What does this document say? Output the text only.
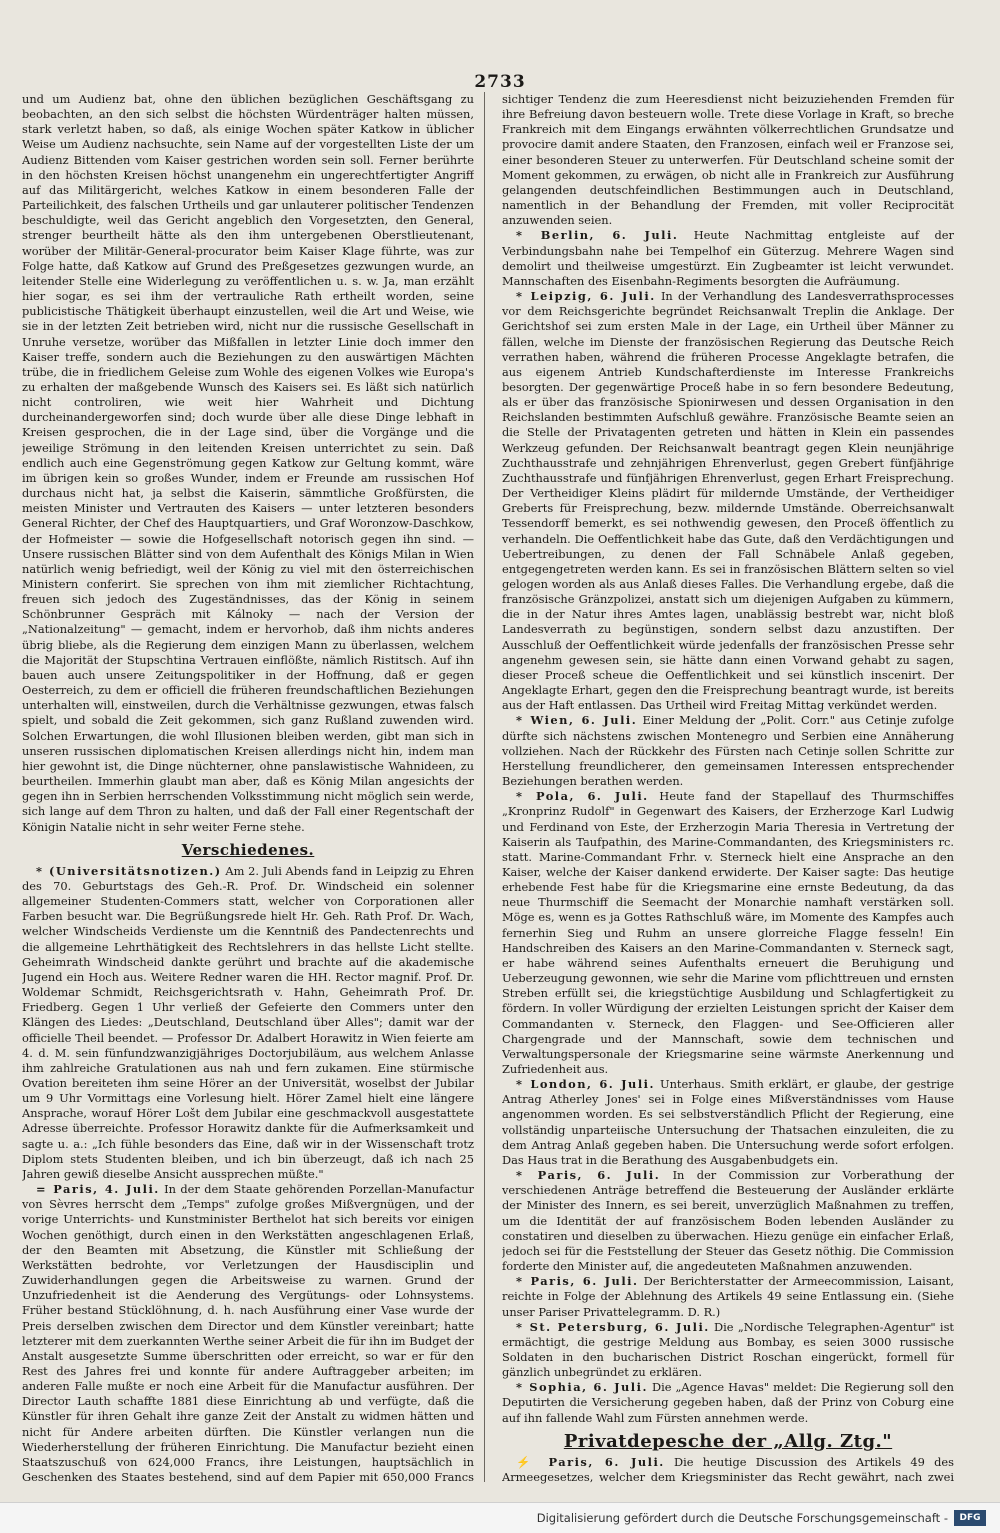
2733

und um Audienz bat, ohne den üblichen bezüglichen Geschäftsgang zu beobachten, an den sich selbst die höchsten Würdenträger halten müssen, stark verletzt haben, so daß, als einige Wochen später Katkow in üblicher Weise um Audienz nachsuchte, sein Name auf der vorgestellten Liste der um Audienz Bittenden vom Kaiser gestrichen worden sein soll. Ferner berührte in den höchsten Kreisen höchst unangenehm ein ungerechtfertigter Angriff auf das Militärgericht, welches Katkow in einem besonderen Falle der Parteilichkeit, des falschen Urtheils und gar unlauterer politischer Tendenzen beschuldigte, weil das Gericht angeblich den Vorgesetzten, den General, strenger beurtheilt hätte als den ihm untergebenen Oberstlieutenant, worüber der Militär-General-procurator beim Kaiser Klage führte, was zur Folge hatte, daß Katkow auf Grund des Preßgesetzes gezwungen wurde, an leitender Stelle eine Widerlegung zu veröffentlichen u. s. w. Ja, man erzählt hier sogar, es sei ihm der vertrauliche Rath ertheilt worden, seine publicistische Thätigkeit überhaupt einzustellen, weil die Art und Weise, wie sie in der letzten Zeit betrieben wird, nicht nur die russische Gesellschaft in Unruhe versetze, worüber das Mißfallen in letzter Linie doch immer den Kaiser treffe, sondern auch die Beziehungen zu den auswärtigen Mächten trübe, die in friedlichem Geleise zum Wohle des eigenen Volkes wie Europa's zu erhalten der maßgebende Wunsch des Kaisers sei. Es läßt sich natürlich nicht controliren, wie weit hier Wahrheit und Dichtung durcheinandergeworfen sind; doch wurde über alle diese Dinge lebhaft in Kreisen gesprochen, die in der Lage sind, über die Vorgänge und die jeweilige Strömung in den leitenden Kreisen unterrichtet zu sein. Daß endlich auch eine Gegenströmung gegen Katkow zur Geltung kommt, wäre im übrigen kein so großes Wunder, indem er Freunde am russischen Hof durchaus nicht hat, ja selbst die Kaiserin, sämmtliche Großfürsten, die meisten Minister und Vertrauten des Kaisers — unter letzteren besonders General Richter, der Chef des Hauptquartiers, und Graf Woronzow-Daschkow, der Hofmeister — sowie die Hofgesellschaft notorisch gegen ihn sind. — Unsere russischen Blätter sind von dem Aufenthalt des Königs Milan in Wien natürlich wenig befriedigt, weil der König zu viel mit den österreichischen Ministern conferirt. Sie sprechen von ihm mit ziemlicher Richtachtung, freuen sich jedoch des Zugeständnisses, das der König in seinem Schönbrunner Gespräch mit Kálnoky — nach der Version der „Nationalzeitung" — gemacht, indem er hervorhob, daß ihm nichts anderes übrig bliebe, als die Regierung dem einzigen Mann zu überlassen, welchem die Majorität der Stupschtina Vertrauen einflößte, nämlich Ristitsch. Auf ihn bauen auch unsere Zeitungspolitiker in der Hoffnung, daß er gegen Oesterreich, zu dem er officiell die früheren freundschaftlichen Beziehungen unterhalten will, einstweilen, durch die Verhältnisse gezwungen, etwas falsch spielt, und sobald die Zeit gekommen, sich ganz Rußland zuwenden wird. Solchen Erwartungen, die wohl Illusionen bleiben werden, gibt man sich in unseren russischen diplomatischen Kreisen allerdings nicht hin, indem man hier gewohnt ist, die Dinge nüchterner, ohne panslawistische Wahnideen, zu beurtheilen. Immerhin glaubt man aber, daß es König Milan angesichts der gegen ihn in Serbien herrschenden Volksstimmung nicht möglich sein werde, sich lange auf dem Thron zu halten, und daß der Fall einer Regentschaft der Königin Natalie nicht in sehr weiter Ferne stehe.

Verschiedenes.

* (Universitätsnotizen.) Am 2. Juli Abends fand in Leipzig zu Ehren des 70. Geburtstags des Geh.-R. Prof. Dr. Windscheid ein solenner allgemeiner Studenten-Commers statt, welcher von Corporationen aller Farben besucht war. Die Begrüßungsrede hielt Hr. Geh. Rath Prof. Dr. Wach, welcher Windscheids Verdienste um die Kenntniß des Pandectenrechts und die allgemeine Lehrthätigkeit des Rechtslehrers in das hellste Licht stellte. Geheimrath Windscheid dankte gerührt und brachte auf die akademische Jugend ein Hoch aus. Weitere Redner waren die HH. Rector magnif. Prof. Dr. Woldemar Schmidt, Reichsgerichtsrath v. Hahn, Geheimrath Prof. Dr. Friedberg. Gegen 1 Uhr verließ der Gefeierte den Commers unter den Klängen des Liedes: „Deutschland, Deutschland über Alles"; damit war der officielle Theil beendet. — Professor Dr. Adalbert Horawitz in Wien feierte am 4. d. M. sein fünfundzwanzigjähriges Doctorjubiläum, aus welchem Anlasse ihm zahlreiche Gratulationen aus nah und fern zukamen. Eine stürmische Ovation bereiteten ihm seine Hörer an der Universität, woselbst der Jubilar um 9 Uhr Vormittags eine Vorlesung hielt. Hörer Zamel hielt eine längere Ansprache, worauf Hörer Lošt dem Jubilar eine geschmackvoll ausgestattete Adresse überreichte. Professor Horawitz dankte für die Aufmerksamkeit und sagte u. a.: „Ich fühle besonders das Eine, daß wir in der Wissenschaft trotz Diplom stets Studenten bleiben, und ich bin überzeugt, daß ich nach 25 Jahren gewiß dieselbe Ansicht aussprechen müßte."

= Paris, 4. Juli. In der dem Staate gehörenden Porzellan-Manufactur von Sèvres herrscht dem „Temps" zufolge großes Mißvergnügen, und der vorige Unterrichts- und Kunstminister Berthelot hat sich bereits vor einigen Wochen genöthigt, durch einen in den Werkstätten angeschlagenen Erlaß, der den Beamten mit Absetzung, die Künstler mit Schließung der Werkstätten bedrohte, vor Verletzungen der Hausdisciplin und Zuwiderhandlungen gegen die Arbeitsweise zu warnen. Grund der Unzufriedenheit ist die Aenderung des Vergütungs- oder Lohnsystems. Früher bestand Stücklöhnung, d. h. nach Ausführung einer Vase wurde der Preis derselben zwischen dem Director und dem Künstler vereinbart; hatte letzterer mit dem zuerkannten Werthe seiner Arbeit die für ihn im Budget der Anstalt ausgesetzte Summe überschritten oder erreicht, so war er für den Rest des Jahres frei und konnte für andere Auftraggeber arbeiten; im anderen Falle mußte er noch eine Arbeit für die Manufactur ausführen. Der Director Lauth schaffte 1881 diese Einrichtung ab und verfügte, daß die Künstler für ihren Gehalt ihre ganze Zeit der Anstalt zu widmen hätten und nicht für Andere arbeiten dürften. Die Künstler verlangen nun die Wiederherstellung der früheren Einrichtung. Die Manufactur bezieht einen Staatszuschuß von 624,000 Francs, ihre Leistungen, hauptsächlich in Geschenken des Staates bestehend, sind auf dem Papier mit 650,000 Francs

sichtiger Tendenz die zum Heeresdienst nicht beizuziehenden Fremden für ihre Befreiung davon besteuern wolle. Trete diese Vorlage in Kraft, so breche Frankreich mit dem Eingangs erwähnten völkerrechtlichen Grundsatze und provocire damit andere Staaten, den Franzosen, einfach weil er Franzose sei, einer besonderen Steuer zu unterwerfen. Für Deutschland scheine somit der Moment gekommen, zu erwägen, ob nicht alle in Frankreich zur Ausführung gelangenden deutschfeindlichen Bestimmungen auch in Deutschland, namentlich in der Behandlung der Fremden, mit voller Reciprocität anzuwenden seien.

* Berlin, 6. Juli. Heute Nachmittag entgleiste auf der Verbindungsbahn nahe bei Tempelhof ein Güterzug. Mehrere Wagen sind demolirt und theilweise umgestürzt. Ein Zugbeamter ist leicht verwundet. Mannschaften des Eisenbahn-Regiments besorgten die Aufräumung.

* Leipzig, 6. Juli. In der Verhandlung des Landesverrathsprocesses vor dem Reichsgerichte begründet Reichsanwalt Treplin die Anklage. Der Gerichtshof sei zum ersten Male in der Lage, ein Urtheil über Männer zu fällen, welche im Dienste der französischen Regierung das Deutsche Reich verrathen haben, während die früheren Processe Angeklagte betrafen, die aus eigenem Antrieb Kundschafterdienste im Interesse Frankreichs besorgten. Der gegenwärtige Proceß habe in so fern besondere Bedeutung, als er über das französische Spionirwesen und dessen Organisation in den Reichslanden bestimmten Aufschluß gewähre. Französische Beamte seien an die Stelle der Privatagenten getreten und hätten in Klein ein passendes Werkzeug gefunden. Der Reichsanwalt beantragt gegen Klein neunjährige Zuchthausstrafe und zehnjährigen Ehrenverlust, gegen Grebert fünfjährige Zuchthausstrafe und fünfjährigen Ehrenverlust, gegen Erhart Freisprechung. Der Vertheidiger Kleins plädirt für mildernde Umstände, der Vertheidiger Greberts für Freisprechung, bezw. mildernde Umstände. Oberreichsanwalt Tessendorff bemerkt, es sei nothwendig gewesen, den Proceß öffentlich zu verhandeln. Die Oeffentlichkeit habe das Gute, daß den Verdächtigungen und Uebertreibungen, zu denen der Fall Schnäbele Anlaß gegeben, entgegengetreten werden kann. Es sei in französischen Blättern selten so viel gelogen worden als aus Anlaß dieses Falles. Die Verhandlung ergebe, daß die französische Gränzpolizei, anstatt sich um diejenigen Aufgaben zu kümmern, die in der Natur ihres Amtes lagen, unablässig bestrebt war, nicht bloß Landesverrath zu begünstigen, sondern selbst dazu anzustiften. Der Ausschluß der Oeffentlichkeit würde jedenfalls der französischen Presse sehr angenehm gewesen sein, sie hätte dann einen Vorwand gehabt zu sagen, dieser Proceß scheue die Oeffentlichkeit und sei künstlich inscenirt. Der Angeklagte Erhart, gegen den die Freisprechung beantragt wurde, ist bereits aus der Haft entlassen. Das Urtheil wird Freitag Mittag verkündet werden.

* Wien, 6. Juli. Einer Meldung der „Polit. Corr." aus Cetinje zufolge dürfte sich nächstens zwischen Montenegro und Serbien eine Annäherung vollziehen. Nach der Rückkehr des Fürsten nach Cetinje sollen Schritte zur Herstellung freundlicherer, den gemeinsamen Interessen entsprechender Beziehungen berathen werden.

* Pola, 6. Juli. Heute fand der Stapellauf des Thurmschiffes „Kronprinz Rudolf" in Gegenwart des Kaisers, der Erzherzoge Karl Ludwig und Ferdinand von Este, der Erzherzogin Maria Theresia in Vertretung der Kaiserin als Taufpathin, des Marine-Commandanten, des Kriegsministers rc. statt. Marine-Commandant Frhr. v. Sterneck hielt eine Ansprache an den Kaiser, welche der Kaiser dankend erwiderte. Der Kaiser sagte: Das heutige erhebende Fest habe für die Kriegsmarine eine ernste Bedeutung, da das neue Thurmschiff die Seemacht der Monarchie namhaft verstärken soll. Möge es, wenn es ja Gottes Rathschluß wäre, im Momente des Kampfes auch fernerhin Sieg und Ruhm an unsere glorreiche Flagge fesseln! Ein Handschreiben des Kaisers an den Marine-Commandanten v. Sterneck sagt, er habe während seines Aufenthalts erneuert die Beruhigung und Ueberzeugung gewonnen, wie sehr die Marine vom pflichttreuen und ernsten Streben erfüllt sei, die kriegstüchtige Ausbildung und Schlagfertigkeit zu fördern. In voller Würdigung der erzielten Leistungen spricht der Kaiser dem Commandanten v. Sterneck, den Flaggen- und See-Officieren aller Chargengrade und der Mannschaft, sowie dem technischen und Verwaltungspersonale der Kriegsmarine seine wärmste Anerkennung und Zufriedenheit aus.

* London, 6. Juli. Unterhaus. Smith erklärt, er glaube, der gestrige Antrag Atherley Jones' sei in Folge eines Mißverständnisses vom Hause angenommen worden. Es sei selbstverständlich Pflicht der Regierung, eine vollständig unparteiische Untersuchung der Thatsachen einzuleiten, die zu dem Antrag Anlaß gegeben haben. Die Untersuchung werde sofort erfolgen. Das Haus trat in die Berathung des Ausgabenbudgets ein.

* Paris, 6. Juli. In der Commission zur Vorberathung der verschiedenen Anträge betreffend die Besteuerung der Ausländer erklärte der Minister des Innern, es sei bereit, unverzüglich Maßnahmen zu treffen, um die Identität der auf französischem Boden lebenden Ausländer zu constatiren und dieselben zu überwachen. Hiezu genüge ein einfacher Erlaß, jedoch sei für die Feststellung der Steuer das Gesetz nöthig. Die Commission forderte den Minister auf, die angedeuteten Maßnahmen anzuwenden.

* Paris, 6. Juli. Der Berichterstatter der Armeecommission, Laisant, reichte in Folge der Ablehnung des Artikels 49 seine Entlassung ein. (Siehe unser Pariser Privattelegramm. D. R.)

* St. Petersburg, 6. Juli. Die „Nordische Telegraphen-Agentur" ist ermächtigt, die gestrige Meldung aus Bombay, es seien 3000 russische Soldaten in den bucharischen District Roschan eingerückt, formell für gänzlich unbegründet zu erklären.

* Sophia, 6. Juli. Die „Agence Havas" meldet: Die Regierung soll den Deputirten die Versicherung gegeben haben, daß der Prinz von Coburg eine auf ihn fallende Wahl zum Fürsten annehmen werde.

Privatdepesche der „Allg. Ztg."

⚡ Paris, 6. Juli. Die heutige Discussion des Artikels 49 des Armeegesetzes, welcher dem Kriegsminister das Recht gewährt, nach zwei

Digitalisierung gefördert durch die Deutsche Forschungsgemeinschaft -	DFG
